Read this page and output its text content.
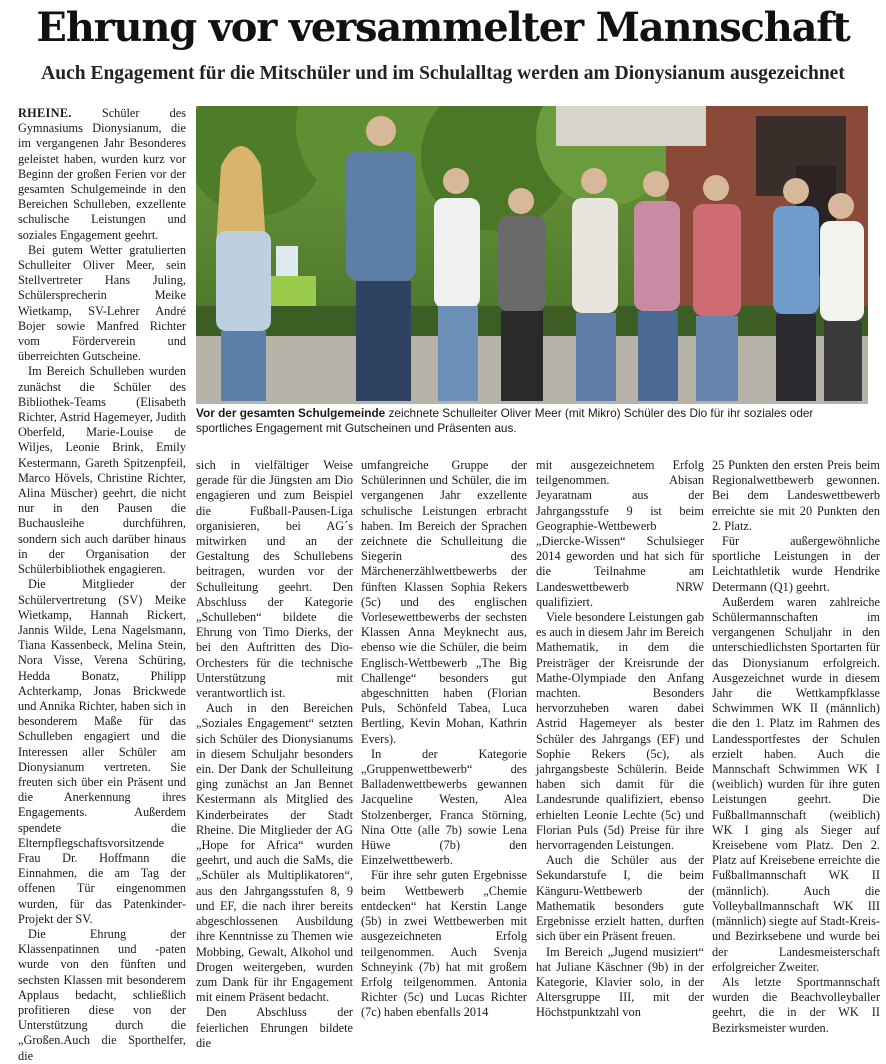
Ehrung vor versammelter Mannschaft
Auch Engagement für die Mitschüler und im Schulalltag werden am Dionysianum ausgezeichnet

RHEINE. Schüler des Gymnasiums Dionysianum, die im vergangenen Jahr Besonderes geleistet haben, wurden kurz vor Beginn der großen Ferien vor der gesamten Schulgemeinde in den Bereichen Schulleben, exzellente schulische Leistungen und soziales Engagement geehrt.

Bei gutem Wetter gratulierten Schulleiter Oliver Meer, sein Stellvertreter Hans Juling, Schülersprecherin Meike Wietkamp, SV-Lehrer André Bojer sowie Manfred Richter vom Förderverein und überreichten Gutscheine.

Im Bereich Schulleben wurden zunächst die Schüler des Bibliothek-Teams (Elisabeth Richter, Astrid Hagemeyer, Judith Oberfeld, Marie-Louise de Wiljes, Leonie Brink, Emily Kestermann, Gareth Spitzenpfeil, Marco Hövels, Christine Richter, Alina Müscher) geehrt, die nicht nur in den Pausen die Buchausleihe durchführen, sondern sich auch darüber hinaus in der Organisation der Schülerbibliothek engagieren.

Die Mitglieder der Schülervertretung (SV) Meike Wietkamp, Hannah Rickert, Jannis Wilde, Lena Nagelsmann, Tiana Kassenbeck, Melina Stein, Nora Visse, Verena Schüring, Hedda Bonatz, Philipp Achterkamp, Jonas Brickwede und Annika Richter, haben sich in besonderem Maße für das Schulleben engagiert und die Interessen aller Schüler am Dionysianum vertreten. Sie freuten sich über ein Präsent und die Anerkennung ihres Engagements. Außerdem spendete die Elternpflegschaftsvorsitzende Frau Dr. Hoffmann die Einnahmen, die am Tag der offenen Tür eingenommen wurden, für das Patenkinder-Projekt der SV.

Die Ehrung der Klassenpatinnen und -paten wurde von den fünften und sechsten Klassen mit besonderem Applaus bedacht, schließlich profitieren diese von der Unterstützung durch die „Großen.Auch die Sporthelfer, die

Vor der gesamten Schulgemeinde zeichnete Schulleiter Oliver Meer (mit Mikro) Schüler des Dio für ihr soziales oder sportliches Engagement mit Gutscheinen und Präsenten aus.

sich in vielfältiger Weise gerade für die Jüngsten am Dio engagieren und zum Beispiel die Fußball-Pausen-Liga organisieren, bei AG´s mitwirken und an der Gestaltung des Schullebens beitragen, wurden vor der Schulleitung geehrt. Den Abschluss der Kategorie „Schulleben“ bildete die Ehrung von Timo Dierks, der bei den Auftritten des Dio-Orchesters für die technische Unterstützung mit verantwortlich ist.

Auch in den Bereichen „Soziales Engagement“ setzten sich Schüler des Dionysianums in diesem Schuljahr besonders ein. Der Dank der Schulleitung ging zunächst an Jan Bennet Kestermann als Mitglied des Kinderbeirates der Stadt Rheine. Die Mitglieder der AG „Hope for Africa“ wurden geehrt, und auch die SaMs, die „Schüler als Multiplikatoren“, aus den Jahrgangsstufen 8, 9 und EF, die nach ihrer bereits abgeschlossenen Ausbildung ihre Kenntnisse zu Themen wie Mobbing, Gewalt, Alkohol und Drogen weitergeben, wurden zum Dank für ihr Engagement mit einem Präsent bedacht.

Den Abschluss der feierlichen Ehrungen bildete die

umfangreiche Gruppe der Schülerinnen und Schüler, die im vergangenen Jahr exzellente schulische Leistungen erbracht haben. Im Bereich der Sprachen zeichnete die Schulleitung die Siegerin des Märchenerzählwettbewerbs der fünften Klassen Sophia Rekers (5c) und des englischen Vorlesewettbewerbs der sechsten Klassen Anna Meyknecht aus, ebenso wie die Schüler, die beim Englisch-Wettbewerb „The Big Challenge“ besonders gut abgeschnitten haben (Florian Puls, Schönfeld Tabea, Luca Bertling, Kevin Mohan, Kathrin Evers).

In der Kategorie „Gruppenwettbewerb“ des Balladenwettbewerbs gewannen Jacqueline Westen, Alea Stolzenberger, Franca Störning, Nina Otte (alle 7b) sowie Lena Hüwe (7b) den Einzelwettbewerb.

Für ihre sehr guten Ergebnisse beim Wettbewerb „Chemie entdecken“ hat Kerstin Lange (5b) in zwei Wettbewerben mit ausgezeichneten Erfolg teilgenommen. Auch Svenja Schneyink (7b) hat mit großem Erfolg teilgenommen. Antonia Richter (5c) und Lucas Richter (7c) haben ebenfalls 2014

mit ausgezeichnetem Erfolg teilgenommen. Abisan Jeyaratnam aus der Jahrgangsstufe 9 ist beim Geographie-Wettbewerb „Diercke-Wissen“ Schulsieger 2014 geworden und hat sich für die Teilnahme am Landeswettbewerb NRW qualifiziert.

Viele besondere Leistungen gab es auch in diesem Jahr im Bereich Mathematik, in dem die Preisträger der Kreisrunde der Mathe-Olympiade den Anfang machten. Besonders hervorzuheben waren dabei Astrid Hagemeyer als bester Schüler des Jahrgangs (EF) und Sophie Rekers (5c), als jahrgangsbeste Schülerin. Beide haben sich damit für die Landesrunde qualifiziert, ebenso erhielten Leonie Lechte (5c) und Florian Puls (5d) Preise für ihre hervorragenden Leistungen.

Auch die Schüler aus der Sekundarstufe I, die beim Känguru-Wettbewerb der Mathematik besonders gute Ergebnisse erzielt hatten, durften sich über ein Präsent freuen.

Im Bereich „Jugend musiziert“ hat Juliane Käschner (9b) in der Kategorie, Klavier solo, in der Altersgruppe III, mit der Höchstpunktzahl von

25 Punkten den ersten Preis beim Regionalwettbewerb gewonnen. Bei dem Landeswettbewerb erreichte sie mit 20 Punkten den 2. Platz.

Für außergewöhnliche sportliche Leistungen in der Leichtathletik wurde Hendrike Determann (Q1) geehrt.

Außerdem waren zahlreiche Schülermannschaften im vergangenen Schuljahr in den unterschiedlichsten Sportarten für das Dionysianum erfolgreich. Ausgezeichnet wurde in diesem Jahr die Wettkampfklasse Schwimmen WK II (männlich) die den 1. Platz im Rahmen des Landessportfestes der Schulen erzielt haben. Auch die Mannschaft Schwimmen WK I (weiblich) wurden für ihre guten Leistungen geehrt. Die Fußballmannschaft (weiblich) WK I ging als Sieger auf Kreisebene vom Platz. Den 2. Platz auf Kreisebene erreichte die Fußballmannschaft WK II (männlich). Auch die Volleyballmannschaft WK III (männlich) siegte auf Stadt-Kreis-und Bezirksebene und wurde bei der Landesmeisterschaft erfolgreicher Zweiter.

Als letzte Sportmannschaft wurden die Beachvolleyballer geehrt, die in der WK II Bezirksmeister wurden.
